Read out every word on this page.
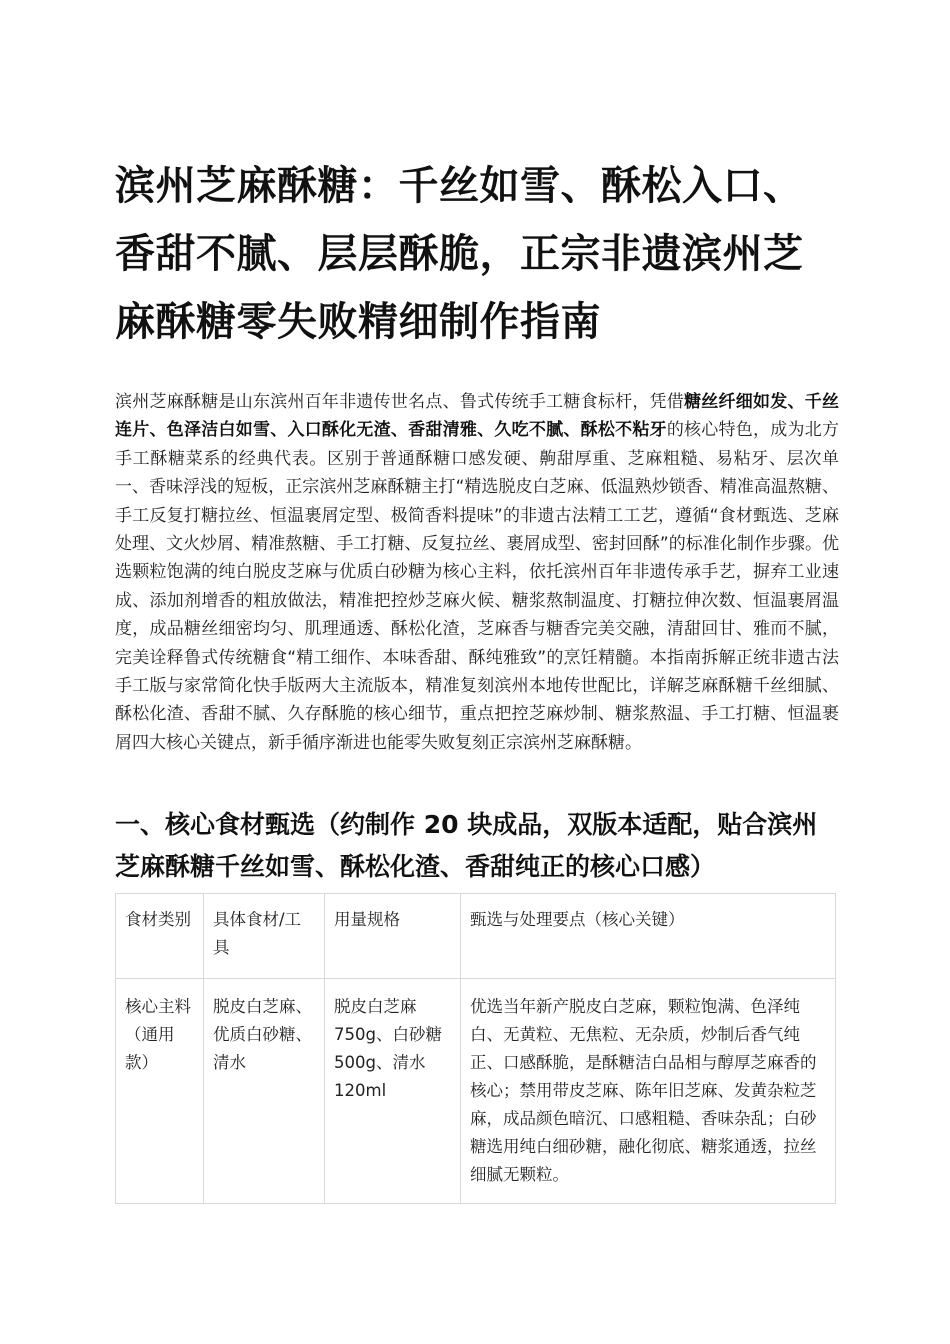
滨州芝麻酥糖：千丝如雪、酥松入口、香甜不腻、层层酥脆，正宗非遗滨州芝麻酥糖零失败精细制作指南

滨州芝麻酥糖是山东滨州百年非遗传世名点、鲁式传统手工糖食标杆，凭借糖丝纤细如发、千丝连片、色泽洁白如雪、入口酥化无渣、香甜清雅、久吃不腻、酥松不粘牙的核心特色，成为北方手工酥糖菜系的经典代表。区别于普通酥糖口感发硬、齁甜厚重、芝麻粗糙、易粘牙、层次单一、香味浮浅的短板，正宗滨州芝麻酥糖主打“精选脱皮白芝麻、低温熟炒锁香、精准高温熬糖、手工反复打糖拉丝、恒温裹屑定型、极简香料提味”的非遗古法精工工艺，遵循“食材甄选、芝麻处理、文火炒屑、精准熬糖、手工打糖、反复拉丝、裹屑成型、密封回酥”的标准化制作步骤。优选颗粒饱满的纯白脱皮芝麻与优质白砂糖为核心主料，依托滨州百年非遗传承手艺，摒弃工业速成、添加剂增香的粗放做法，精准把控炒芝麻火候、糖浆熬制温度、打糖拉伸次数、恒温裹屑温度，成品糖丝细密均匀、肌理通透、酥松化渣，芝麻香与糖香完美交融，清甜回甘、雅而不腻，完美诠释鲁式传统糖食“精工细作、本味香甜、酥纯雅致”的烹饪精髓。本指南拆解正统非遗古法手工版与家常简化快手版两大主流版本，精准复刻滨州本地传世配比，详解芝麻酥糖千丝细腻、酥松化渣、香甜不腻、久存酥脆的核心细节，重点把控芝麻炒制、糖浆熬温、手工打糖、恒温裹屑四大核心关键点，新手循序渐进也能零失败复刻正宗滨州芝麻酥糖。

一、核心食材甄选（约制作 20 块成品，双版本适配，贴合滨州芝麻酥糖千丝如雪、酥松化渣、香甜纯正的核心口感）
食材类别	具体食材/工具	用量规格	甄选与处理要点（核心关键）
核心主料（通用款）	脱皮白芝麻、优质白砂糖、清水	脱皮白芝麻750g、白砂糖500g、清水120ml	优选当年新产脱皮白芝麻，颗粒饱满、色泽纯白、无黄粒、无焦粒、无杂质，炒制后香气纯正、口感酥脆，是酥糖洁白品相与醇厚芝麻香的核心；禁用带皮芝麻、陈年旧芝麻、发黄杂粒芝麻，成品颜色暗沉、口感粗糙、香味杂乱；白砂糖选用纯白细砂糖，融化彻底、糖浆通透，拉丝细腻无颗粒。
